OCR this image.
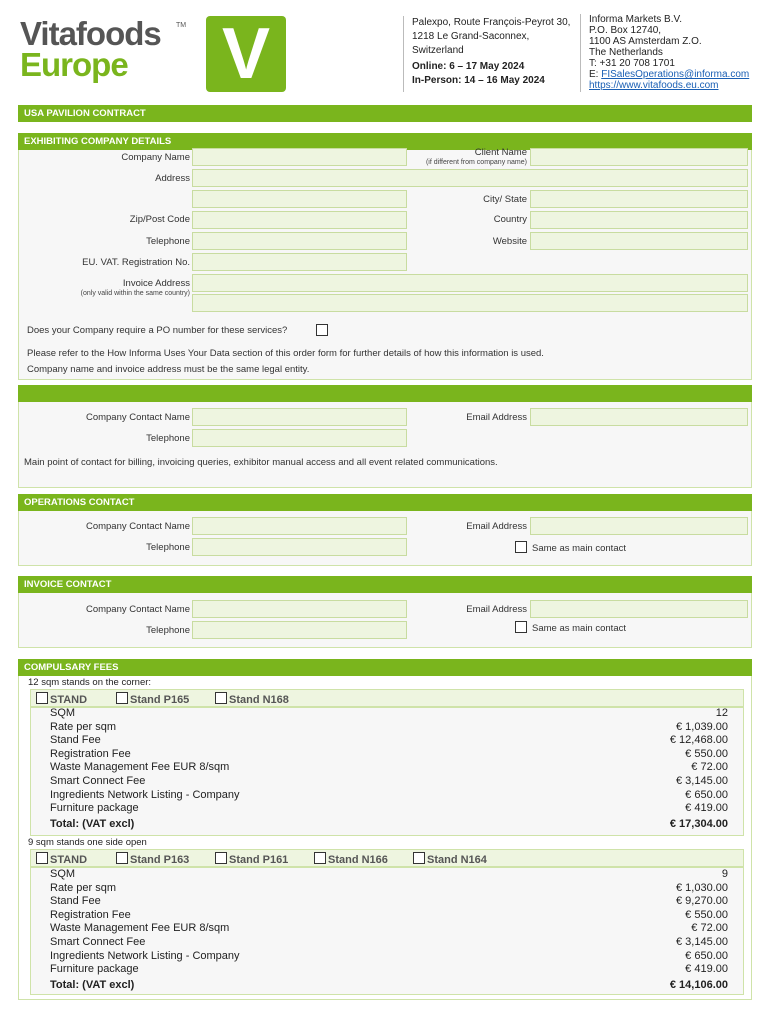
Vitafoods
Europe
TM V	Palexpo, Route François-Peyrot 30,
1218 Le Grand-Saconnex,
Switzerland
Online: 6 – 17 May 2024
In-Person: 14 – 16 May 2024
Informa Markets B.V.
P.O. Box 12740,
1100 AS Amsterdam Z.O.
The Netherlands
T: +31 20 708 1701
E: FISalesOperations@informa.com
https://www.vitafoods.eu.com
USA PAVILION CONTRACT
EXHIBITING COMPANY DETAILS
Company Name	Client Name
(if different from company name)
Address
City/ State
Zip/Post Code	Country
Telephone	Website
EU. VAT. Registration No.
Invoice Address
(only valid within the same country)
Does your Company require a PO number for these services?
Please refer to the How Informa Uses Your Data section of this order form for further details of how this information is used.
Company name and invoice address must be the same legal entity.
Company Contact Name	Email Address
Telephone
Main point of contact for billing, invoicing queries, exhibitor manual access and all event related communications.
OPERATIONS CONTACT
Company Contact Name	Email Address
Telephone	Same as main contact
INVOICE CONTACT
Company Contact Name	Email Address
Telephone	Same as main contact
COMPULSARY FEES
12 sqm stands on the corner:
STAND	Stand P165	Stand N168
SQM	12
Rate per sqm	€ 1,039.00
Stand Fee	€ 12,468.00
Registration Fee	€ 550.00
Waste Management Fee EUR 8/sqm	€ 72.00
Smart Connect Fee	€ 3,145.00
Ingredients Network Listing - Company	€ 650.00
Furniture package	€ 419.00
Total: (VAT excl)	€ 17,304.00
9 sqm stands one side open
STAND	Stand P163	Stand P161	Stand N166	Stand N164
SQM	9
Rate per sqm	€ 1,030.00
Stand Fee	€ 9,270.00
Registration Fee	€ 550.00
Waste Management Fee EUR 8/sqm	€ 72.00
Smart Connect Fee	€ 3,145.00
Ingredients Network Listing - Company	€ 650.00
Furniture package	€ 419.00
Total: (VAT excl)	€ 14,106.00
